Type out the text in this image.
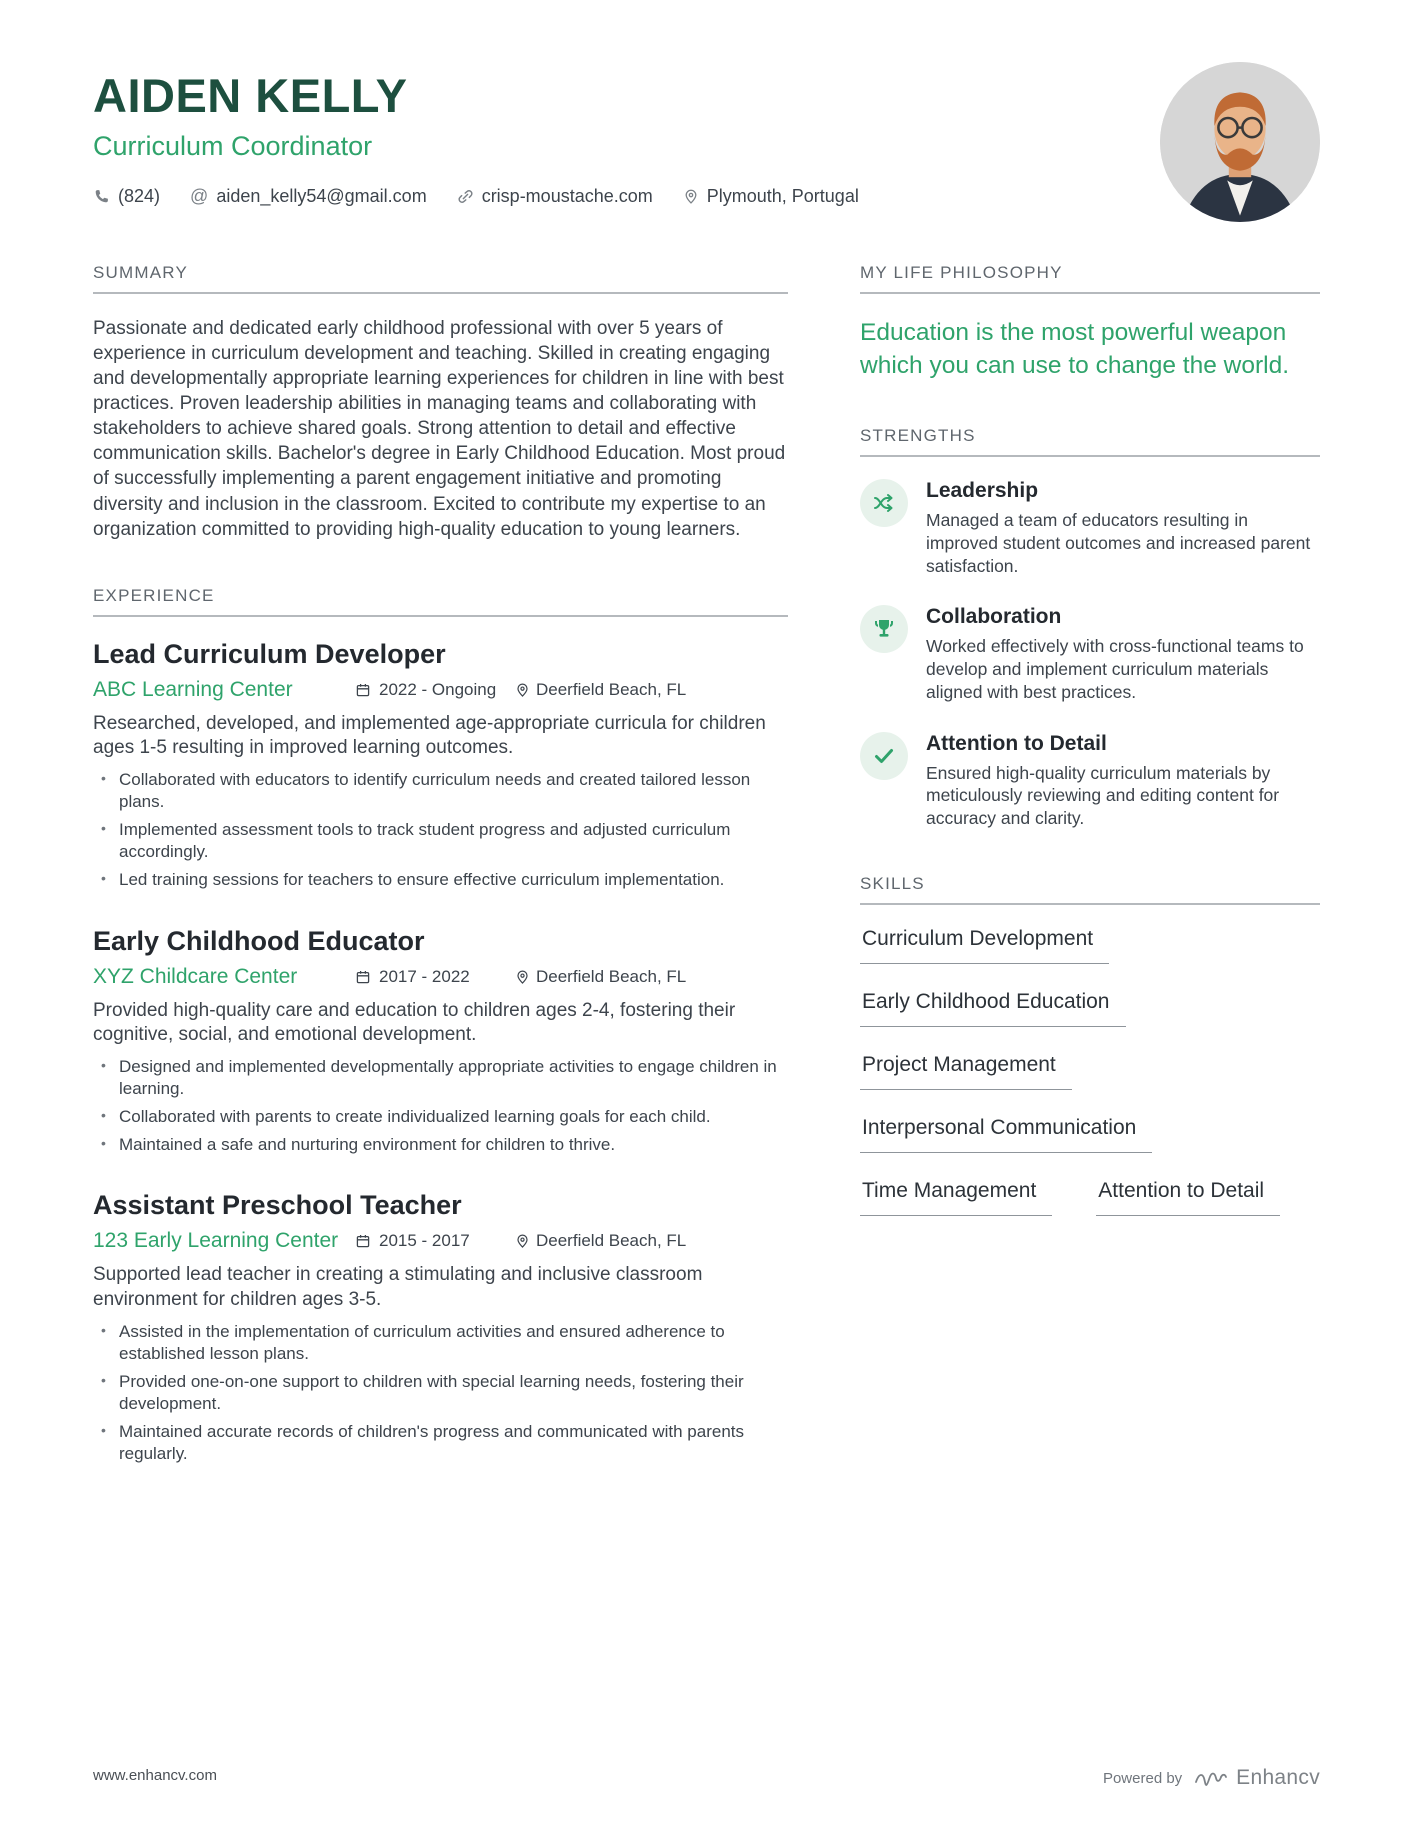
AIDEN KELLY
Curriculum Coordinator
(824) @	aiden_kelly54@gmail.com	crisp-moustache.com	Plymouth, Portugal
SUMMARY

Passionate and dedicated early childhood professional with over 5 years of experience in curriculum development and teaching. Skilled in creating engaging and developmentally appropriate learning experiences for children in line with best practices. Proven leadership abilities in managing teams and collaborating with stakeholders to achieve shared goals. Strong attention to detail and effective communication skills. Bachelor's degree in Early Childhood Education. Most proud of successfully implementing a parent engagement initiative and promoting diversity and inclusion in the classroom. Excited to contribute my expertise to an organization committed to providing high-quality education to young learners.

EXPERIENCE
Lead Curriculum Developer
ABC Learning Center	2022 - Ongoing Deerfield Beach, FL

Researched, developed, and implemented age-appropriate curricula for children ages 1-5 resulting in improved learning outcomes.

• Collaborated with educators to identify curriculum needs and created tailored lesson plans.
• Implemented assessment tools to track student progress and adjusted curriculum accordingly.
• Led training sessions for teachers to ensure effective curriculum implementation.
Early Childhood Educator
XYZ Childcare Center	2017 - 2022	Deerfield Beach, FL

Provided high-quality care and education to children ages 2-4, fostering their cognitive, social, and emotional development.

• Designed and implemented developmentally appropriate activities to engage children in learning.
• Collaborated with parents to create individualized learning goals for each child.
• Maintained a safe and nurturing environment for children to thrive.
Assistant Preschool Teacher
123 Early Learning Center	2015 - 2017	Deerfield Beach, FL

Supported lead teacher in creating a stimulating and inclusive classroom environment for children ages 3-5.

• Assisted in the implementation of curriculum activities and ensured adherence to established lesson plans.
• Provided one-on-one support to children with special learning needs, fostering their development.
• Maintained accurate records of children's progress and communicated with parents regularly.
MY LIFE PHILOSOPHY

Education is the most powerful weapon which you can use to change the world.

STRENGTHS
Leadership
Managed a team of educators resulting in improved student outcomes and increased parent satisfaction.
Collaboration
Worked effectively with cross-functional teams to develop and implement curriculum materials aligned with best practices.
Attention to Detail
Ensured high-quality curriculum materials by meticulously reviewing and editing content for accuracy and clarity.
SKILLS
Curriculum Development
Early Childhood Education
Project Management
Interpersonal Communication
Time Management	Attention to Detail
www.enhancv.com	Powered by	Enhancv
